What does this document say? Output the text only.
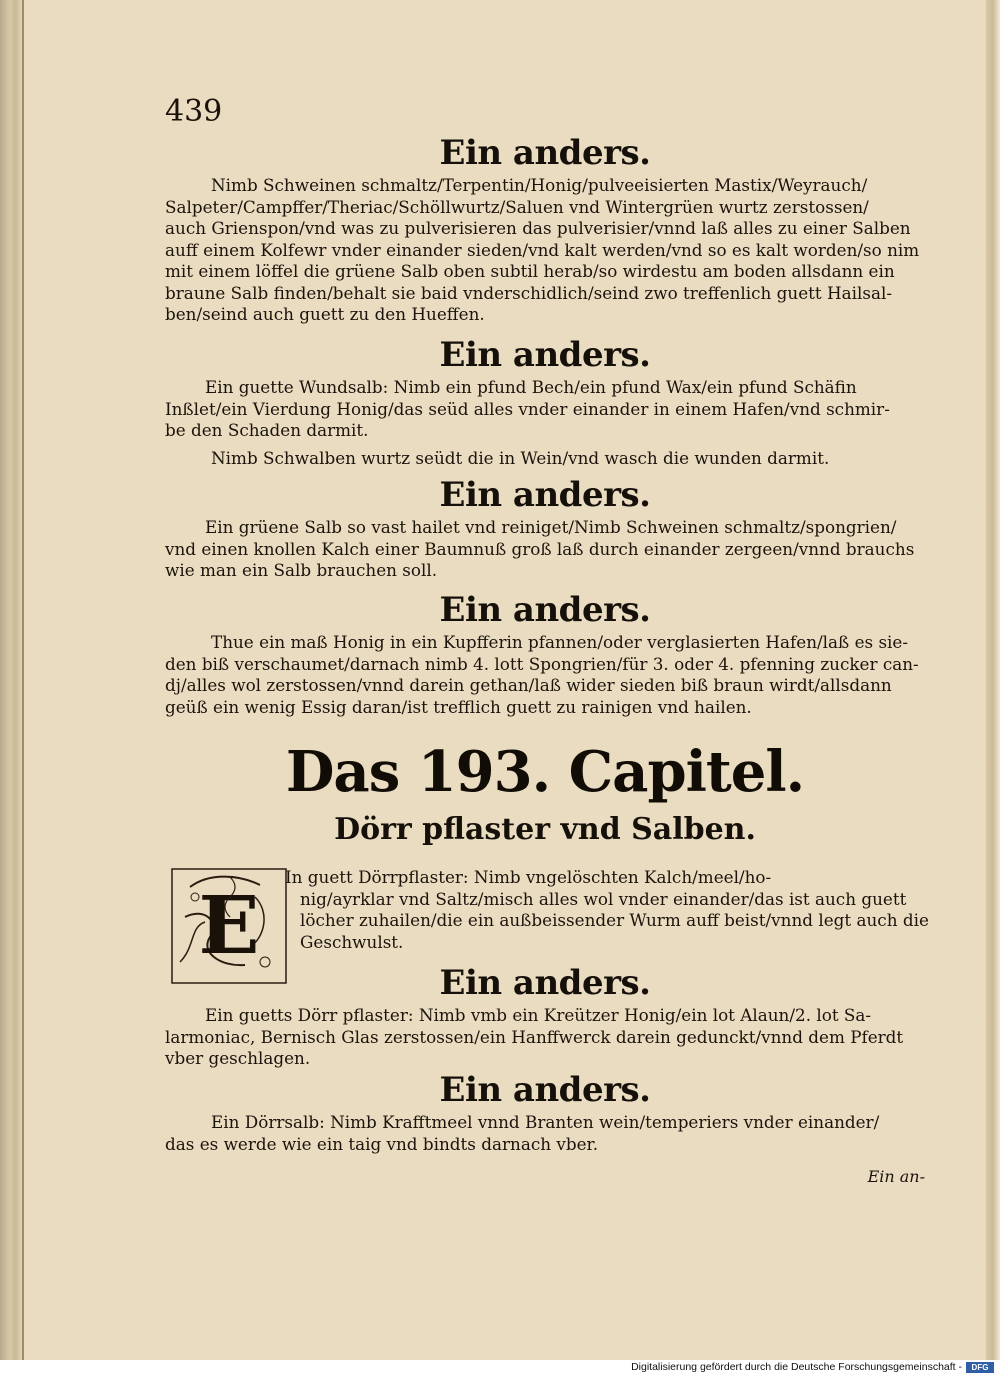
439
Ein anders.
Nimb Schweinen schmaltz/Terpentin/Honig/pulveeisierten Mastix/Weyrauch/
Salpeter/Campffer/Theriac/Schöllwurtz/Saluen vnd Wintergrüen wurtz zerstossen/
auch Grienspon/vnd was zu pulverisieren das pulverisier/vnnd laß alles zu einer Salben
auff einem Kolfewr vnder einander sieden/vnd kalt werden/vnd so es kalt worden/so nim
mit einem löffel die grüene Salb oben subtil herab/so wirdestu am boden allsdann ein
braune Salb finden/behalt sie baid vnderschidlich/seind zwo treffenlich guett Hailsal-
ben/seind auch guett zu den Hueffen.
Ein anders.
Ein guette Wundsalb: Nimb ein pfund Bech/ein pfund Wax/ein pfund Schäfin
Inßlet/ein Vierdung Honig/das seüd alles vnder einander in einem Hafen/vnd schmir-
be den Schaden darmit.
Nimb Schwalben wurtz seüdt die in Wein/vnd wasch die wunden darmit.
Ein anders.
Ein grüene Salb so vast hailet vnd reiniget/Nimb Schweinen schmaltz/spongrien/
vnd einen knollen Kalch einer Baumnuß groß laß durch einander zergeen/vnnd brauchs
wie man ein Salb brauchen soll.
Ein anders.
Thue ein maß Honig in ein Kupfferin pfannen/oder verglasierten Hafen/laß es sie-
den biß verschaumet/darnach nimb 4. lott Spongrien/für 3. oder 4. pfenning zucker can-
dj/alles wol zerstossen/vnnd darein gethan/laß wider sieden biß braun wirdt/allsdann
geüß ein wenig Essig daran/ist trefflich guett zu rainigen vnd hailen.
Das 193. Capitel.
Dörr pflaster vnd Salben.
E
In guett Dörrpflaster: Nimb vngelöschten Kalch/meel/ho-
nig/ayrklar vnd Saltz/misch alles wol vnder einander/das ist auch guett
löcher zuhailen/die ein außbeissender Wurm auff beist/vnnd legt auch die
Geschwulst.
Ein anders.
Ein guetts Dörr pflaster: Nimb vmb ein Kreützer Honig/ein lot Alaun/2. lot Sa-
larmoniac, Bernisch Glas zerstossen/ein Hanffwerck darein gedunckt/vnnd dem Pferdt
vber geschlagen.
Ein anders.
Ein Dörrsalb: Nimb Krafftmeel vnnd Branten wein/temperiers vnder einander/
das es werde wie ein taig vnd bindts darnach vber.
Ein an-
Digitalisierung gefördert durch die Deutsche Forschungsgemeinschaft -	DFG
